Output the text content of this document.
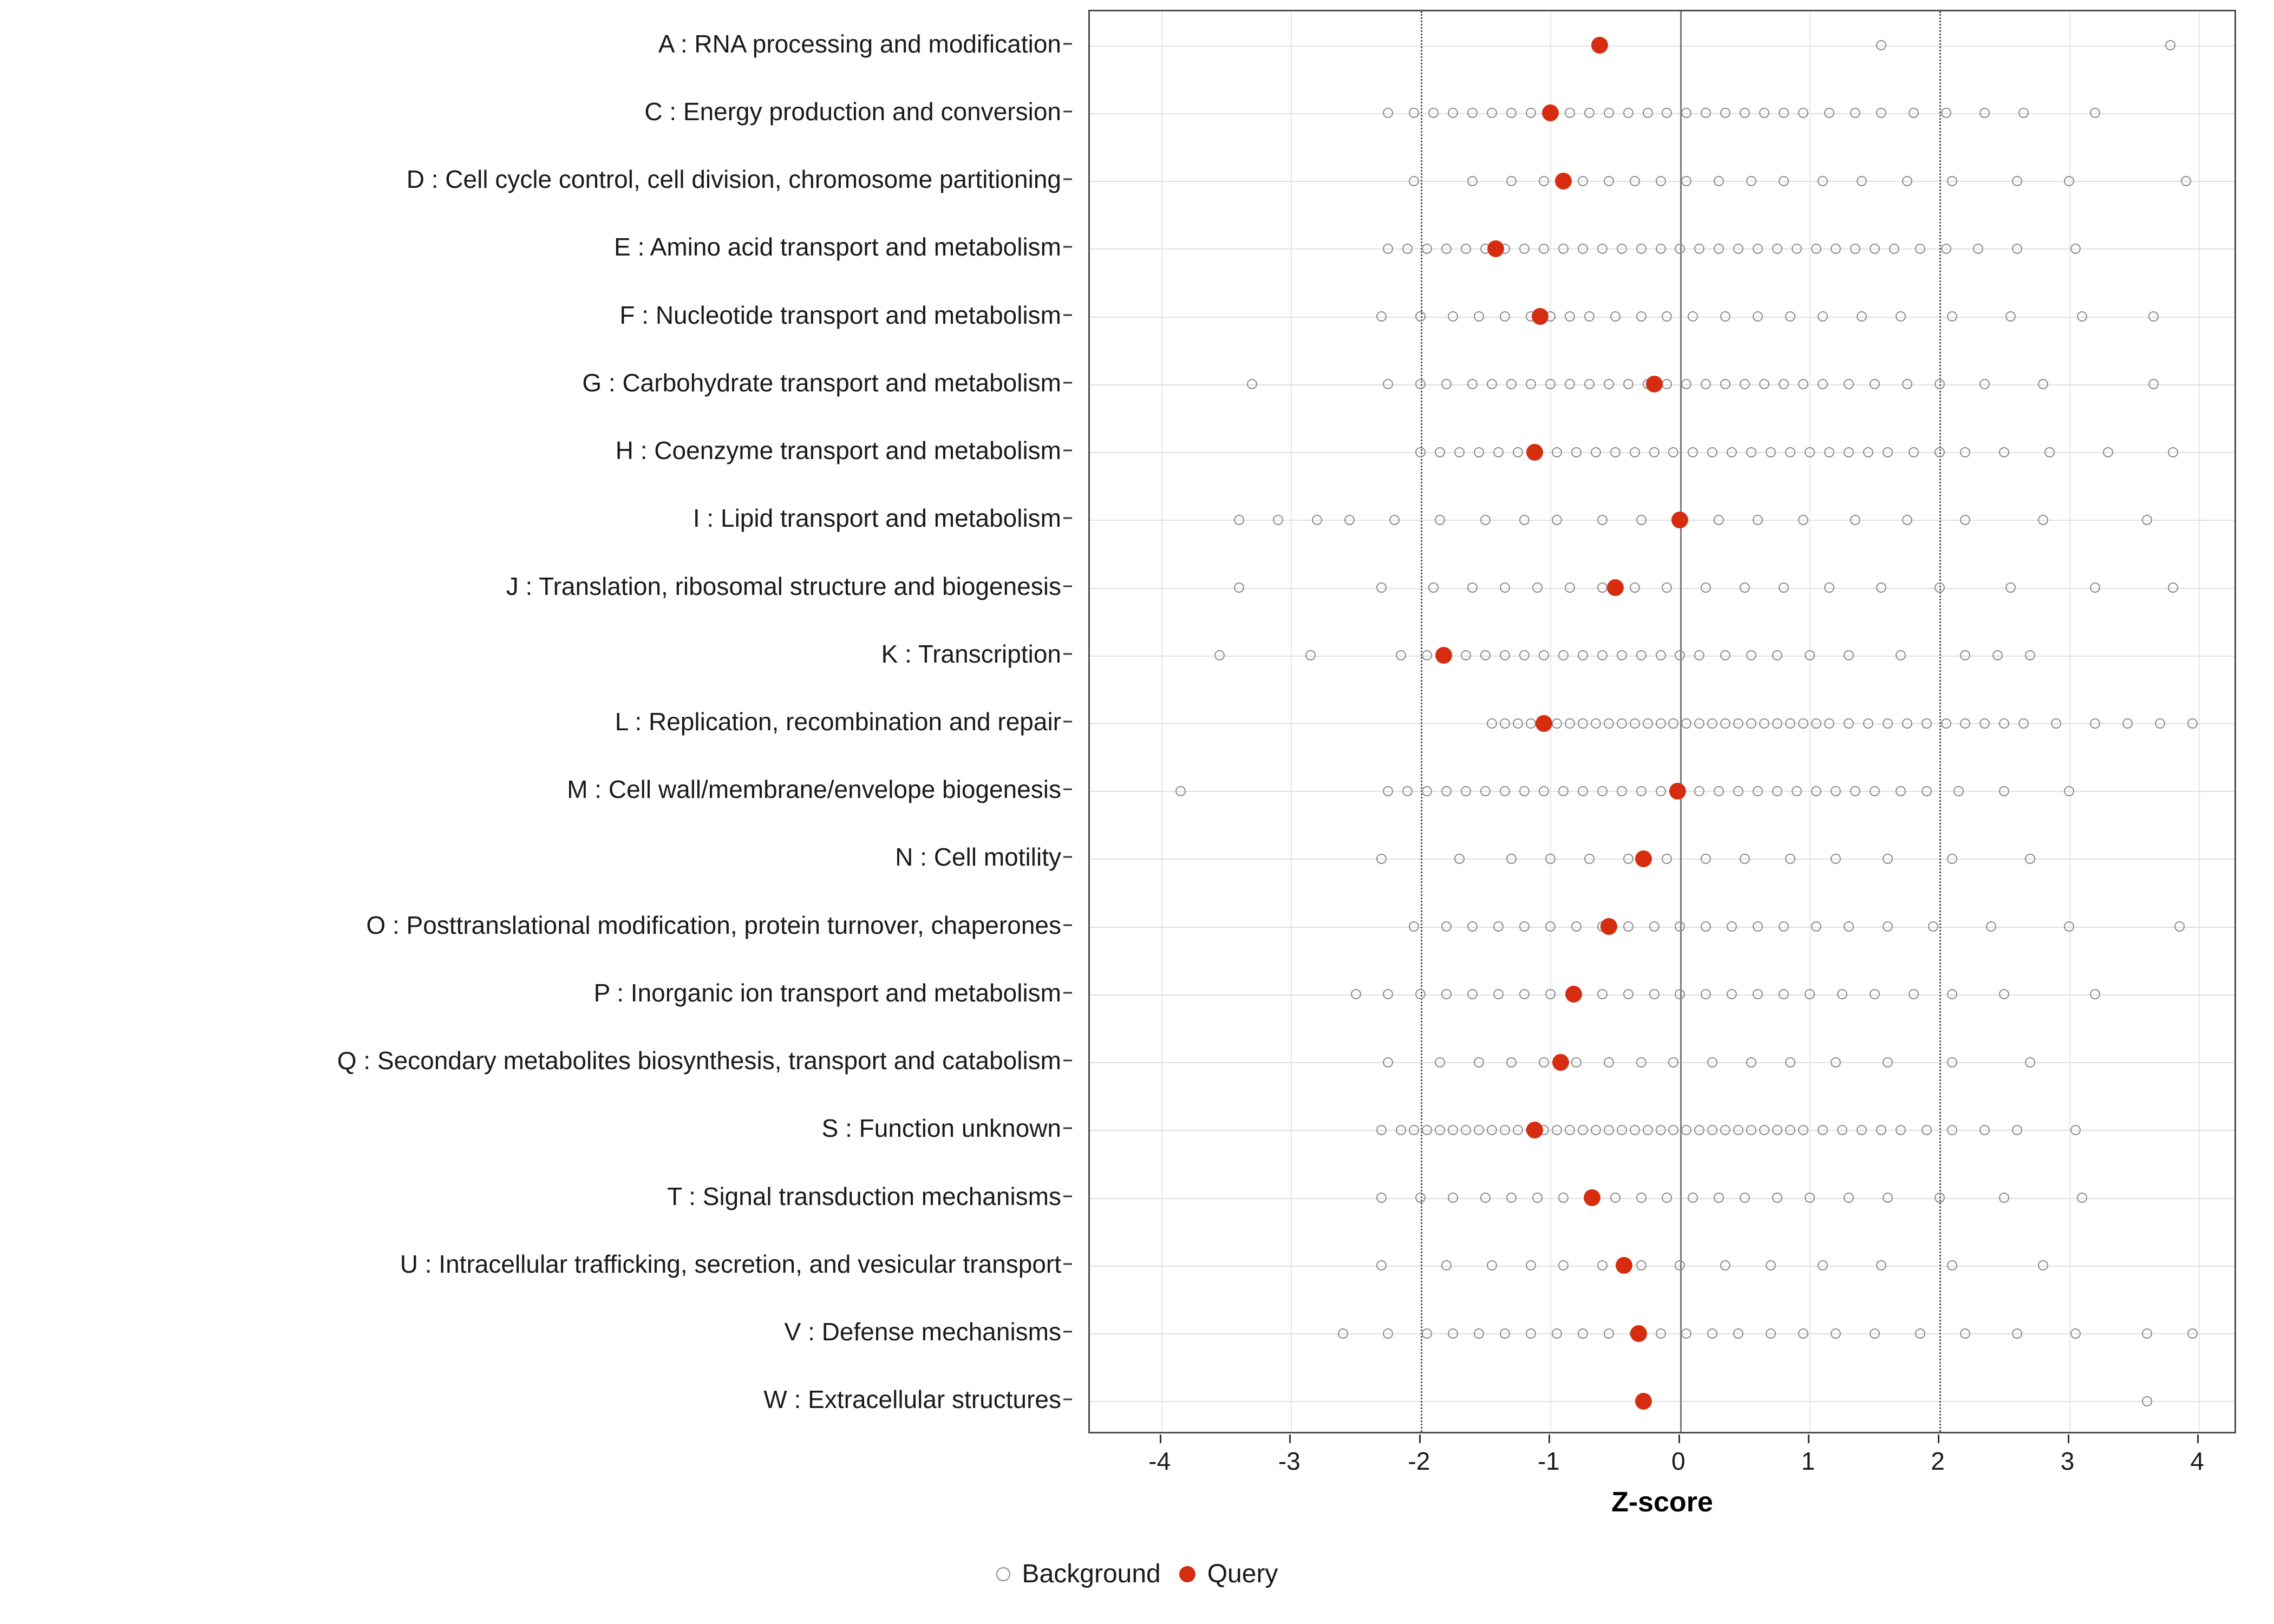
A : RNA processing and modification
C : Energy production and conversion
D : Cell cycle control, cell division, chromosome partitioning
E : Amino acid transport and metabolism
F : Nucleotide transport and metabolism
G : Carbohydrate transport and metabolism
H : Coenzyme transport and metabolism
I : Lipid transport and metabolism
J : Translation, ribosomal structure and biogenesis
K : Transcription
L : Replication, recombination and repair
M : Cell wall/membrane/envelope biogenesis
N : Cell motility
O : Posttranslational modification, protein turnover, chaperones
P : Inorganic ion transport and metabolism
Q : Secondary metabolites biosynthesis, transport and catabolism
S : Function unknown
T : Signal transduction mechanisms
U : Intracellular trafficking, secretion, and vesicular transport
V : Defense mechanisms
W : Extracellular structures
-4	-3	-2	-1	0	1	2	3	4
Z-score
Background Query
